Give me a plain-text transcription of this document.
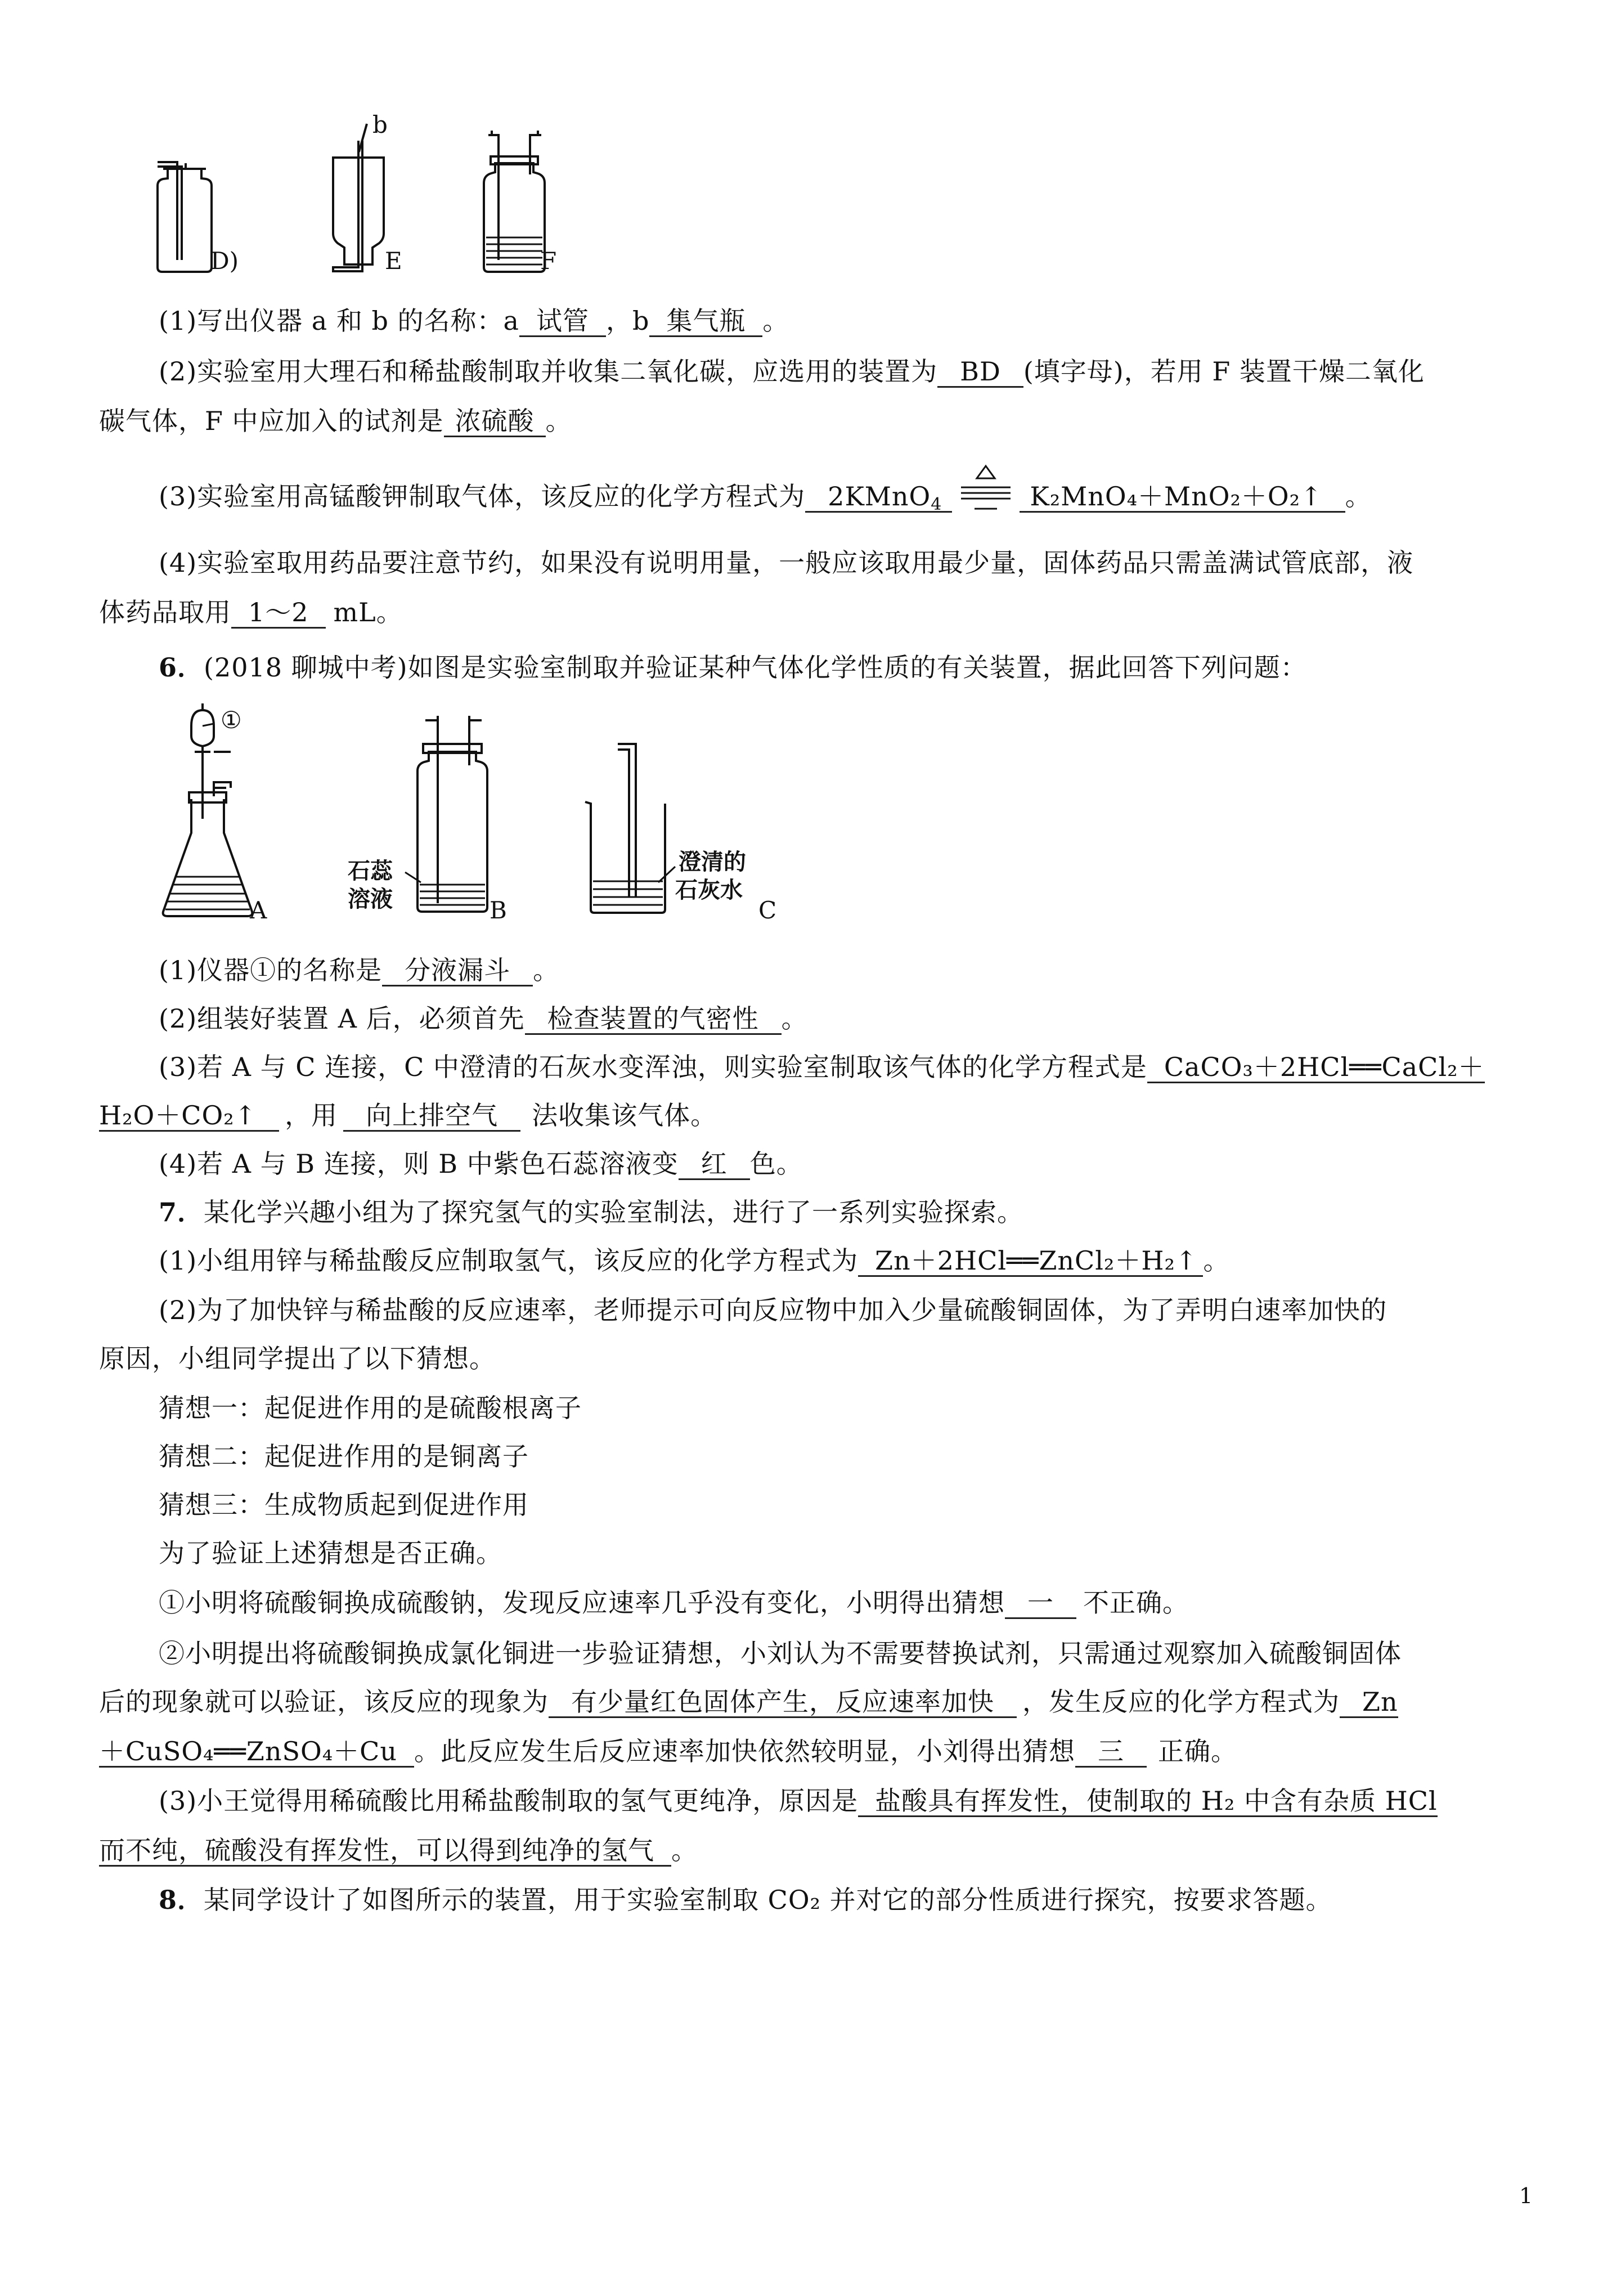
b
D)	E	F
(1)写出仪器 a 和 b 的名称：a 试管 ，b 集气瓶 。
(2)实验室用大理石和稀盐酸制取并收集二氧化碳，应选用的装置为 BD (填字母)，若用 F 装置干燥二氧化
碳气体，F 中应加入的试剂是 浓硫酸 。
(3)实验室用高锰酸钾制取气体，该反应的化学方程式为 2KMnO$_4$	K₂MnO₄＋MnO₂＋O₂↑ 。
(4)实验室取用药品要注意节约，如果没有说明用量，一般应该取用最少量，固体药品只需盖满试管底部，液
体药品取用 1～2 mL。
6．(2018 聊城中考)如图是实验室制取并验证某种气体化学性质的有关装置，据此回答下列问题：
①
A
石蕊
溶液	B
澄清的
石灰水
C
(1)仪器①的名称是 分液漏斗 。
(2)组装好装置 A 后，必须首先 检查装置的气密性 。
(3)若 A 与 C 连接，C 中澄清的石灰水变浑浊，则实验室制取该气体的化学方程式是 CaCO₃＋2HCl══CaCl₂＋
H₂O＋CO₂↑ ，用 向上排空气 法收集该气体。
(4)若 A 与 B 连接，则 B 中紫色石蕊溶液变 红 色。
7．某化学兴趣小组为了探究氢气的实验室制法，进行了一系列实验探索。
(1)小组用锌与稀盐酸反应制取氢气，该反应的化学方程式为 Zn＋2HCl══ZnCl₂＋H₂↑ 。
(2)为了加快锌与稀盐酸的反应速率，老师提示可向反应物中加入少量硫酸铜固体，为了弄明白速率加快的
原因，小组同学提出了以下猜想。
猜想一：起促进作用的是硫酸根离子
猜想二：起促进作用的是铜离子
猜想三：生成物质起到促进作用
为了验证上述猜想是否正确。
①小明将硫酸铜换成硫酸钠，发现反应速率几乎没有变化，小明得出猜想 一 不正确。
②小明提出将硫酸铜换成氯化铜进一步验证猜想，小刘认为不需要替换试剂，只需通过观察加入硫酸铜固体
后的现象就可以验证，该反应的现象为 有少量红色固体产生，反应速率加快 ，发生反应的化学方程式为 Zn
＋CuSO₄══ZnSO₄＋Cu 。此反应发生后反应速率加快依然较明显，小刘得出猜想 三 正确。
(3)小王觉得用稀硫酸比用稀盐酸制取的氢气更纯净，原因是 盐酸具有挥发性，使制取的 H₂ 中含有杂质 HCl
而不纯，硫酸没有挥发性，可以得到纯净的氢气 。
8．某同学设计了如图所示的装置，用于实验室制取 CO₂ 并对它的部分性质进行探究，按要求答题。
1
